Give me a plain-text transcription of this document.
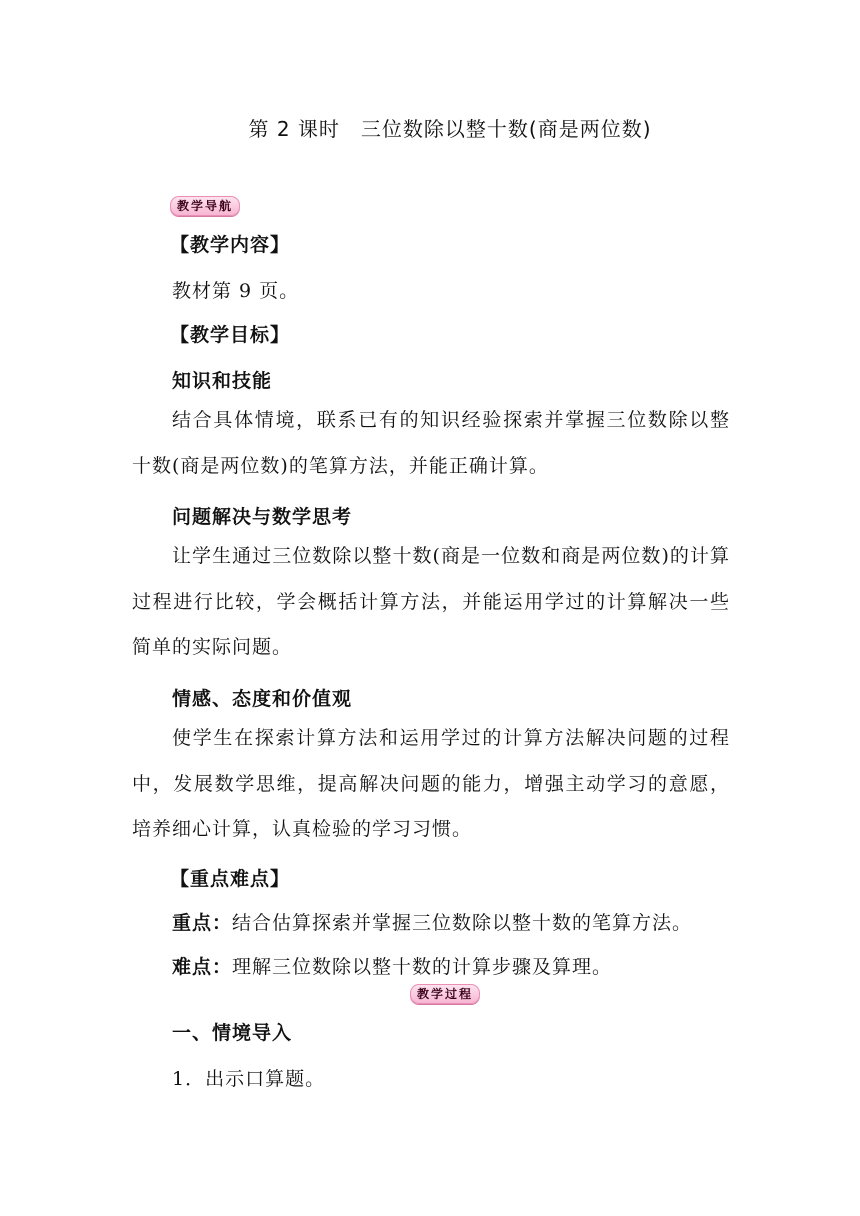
第 2 课时　三位数除以整十数(商是两位数)
教学导航
【教学内容】
教材第 9 页。
【教学目标】
知识和技能

结合具体情境，联系已有的知识经验探索并掌握三位数除以整十数(商是两位数)的笔算方法，并能正确计算。

问题解决与数学思考

让学生通过三位数除以整十数(商是一位数和商是两位数)的计算过程进行比较，学会概括计算方法，并能运用学过的计算解决一些简单的实际问题。

情感、态度和价值观

使学生在探索计算方法和运用学过的计算方法解决问题的过程中，发展数学思维，提高解决问题的能力，增强主动学习的意愿，培养细心计算，认真检验的学习习惯。

【重点难点】
重点：结合估算探索并掌握三位数除以整十数的笔算方法。
难点：理解三位数除以整十数的计算步骤及算理。
教学过程
一、情境导入
1．出示口算题。
